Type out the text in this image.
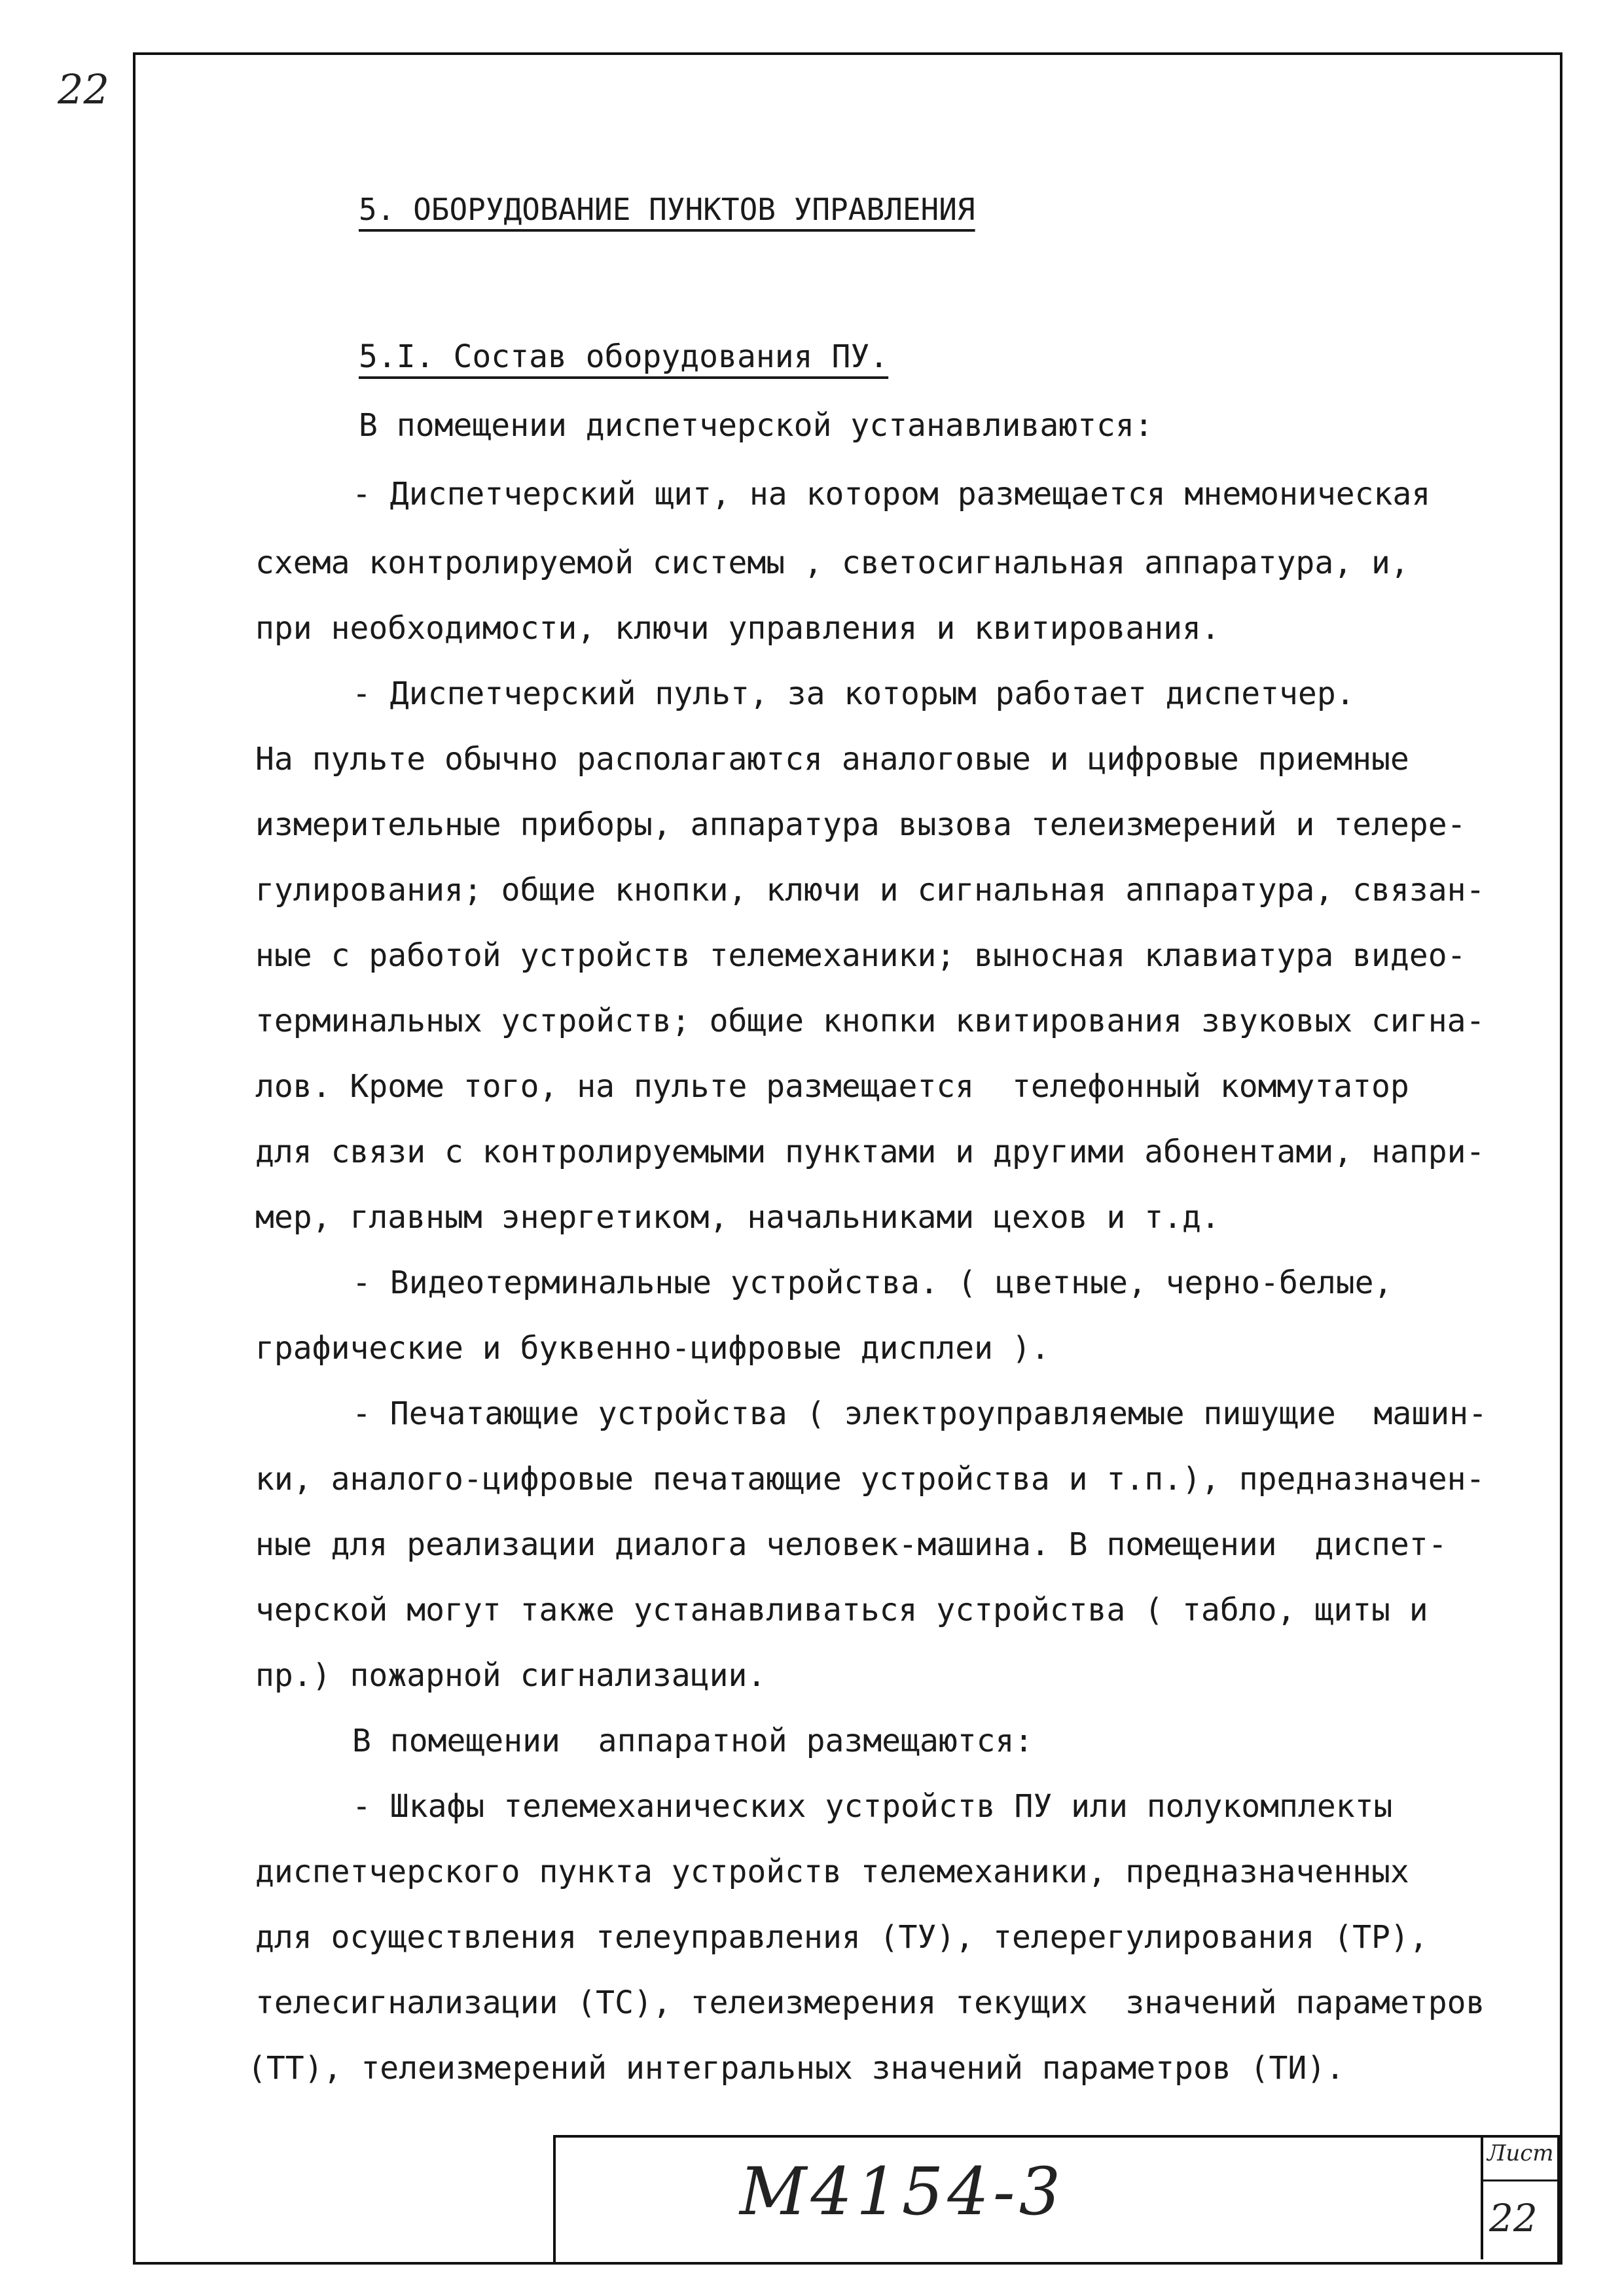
22
5. ОБОРУДОВАНИЕ ПУНКТОВ УПРАВЛЕНИЯ
5.I. Состав оборудования ПУ.
В помещении диспетчерской устанавливаются:
- Диспетчерский щит, на котором размещается мнемоническая
схема контролируемой системы , светосигнальная аппаратура, и,
при необходимости, ключи управления и квитирования.
- Диспетчерский пульт, за которым работает диспетчер.
На пульте обычно располагаются аналоговые и цифровые приемные
измерительные приборы, аппаратура вызова телеизмерений и телере-
гулирования; общие кнопки, ключи и сигнальная аппаратура, связан-
ные с работой устройств телемеханики; выносная клавиатура видео-
терминальных устройств; общие кнопки квитирования звуковых сигна-
лов. Кроме того, на пульте размещается  телефонный коммутатор
для связи с контролируемыми пунктами и другими абонентами, напри-
мер, главным энергетиком, начальниками цехов и т.д.
- Видеотерминальные устройства. ( цветные, черно-белые,
графические и буквенно-цифровые дисплеи ).
- Печатающие устройства ( электроуправляемые пишущие  машин-
ки, аналого-цифровые печатающие устройства и т.п.), предназначен-
ные для реализации диалога человек-машина. В помещении  диспет-
черской могут также устанавливаться устройства ( табло, щиты и
пр.) пожарной сигнализации.
В помещении  аппаратной размещаются:
- Шкафы телемеханических устройств ПУ или полукомплекты
диспетчерского пункта устройств телемеханики, предназначенных
для осуществления телеуправления (ТУ), телерегулирования (ТР),
телесигнализации (ТС), телеизмерения текущих  значений параметров
(ТТ), телеизмерений интегральных значений параметров (ТИ).
М4154-3	Лист
22
